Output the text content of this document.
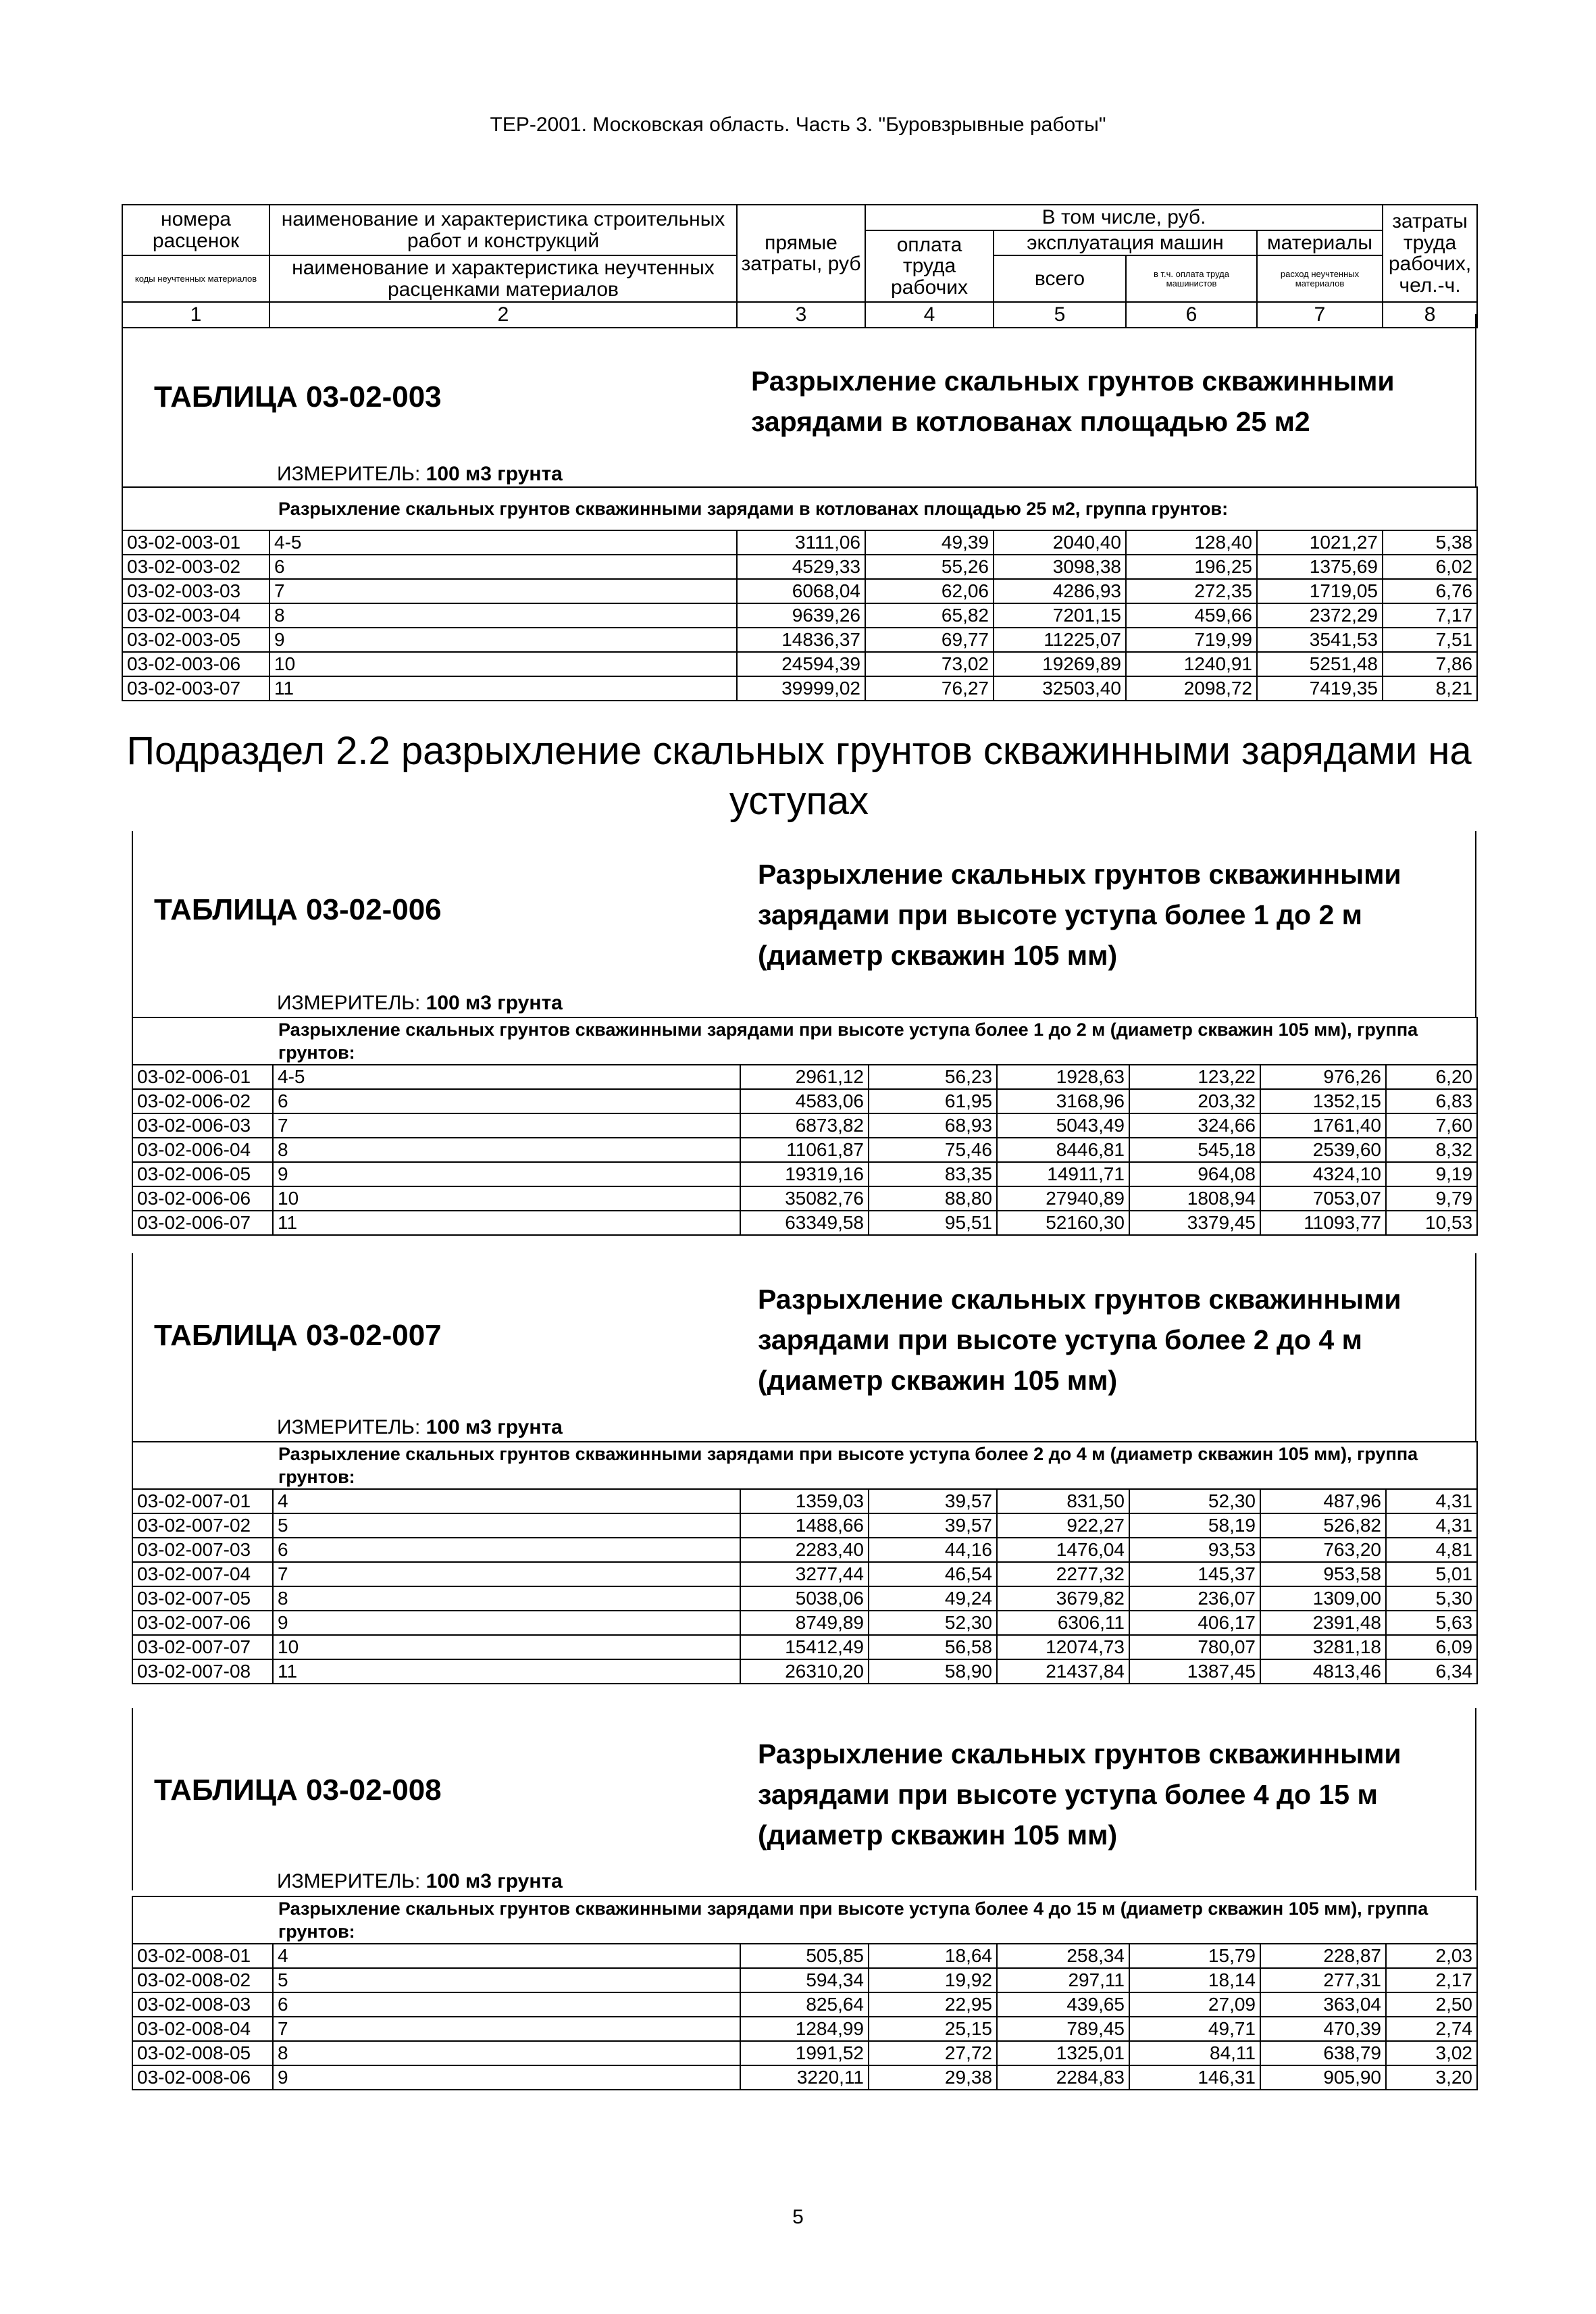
ТЕР-2001. Московская область. Часть 3. "Буровзрывные работы"
номера расценок	наименование и характеристика строительных работ и конструкций	прямые затраты, руб	В том числе, руб.				затраты труда рабочих, чел.-ч.
			оплата труда рабочих	эксплуатация машин		материалы	
коды неучтенных материалов	наименование и характеристика неучтенных расценками материалов			всего	в т.ч. оплата труда машинистов	расход неучтенных материалов	

1	2	3	4	5	6	7	8
ТАБЛИЦА 03-02-003	Разрыхление скальных грунтов скважинными зарядами в котлованах площадью 25 м2
ИЗМЕРИТЕЛЬ: 100 м3 грунта
Разрыхление скальных грунтов скважинными зарядами в котлованах площадью 25 м2, группа грунтов:							
03-02-003-01	4-5	3111,06	49,39	2040,40	128,40	1021,27	5,38
03-02-003-02	6	4529,33	55,26	3098,38	196,25	1375,69	6,02
03-02-003-03	7	6068,04	62,06	4286,93	272,35	1719,05	6,76
03-02-003-04	8	9639,26	65,82	7201,15	459,66	2372,29	7,17
03-02-003-05	9	14836,37	69,77	11225,07	719,99	3541,53	7,51
03-02-003-06	10	24594,39	73,02	19269,89	1240,91	5251,48	7,86
03-02-003-07	11	39999,02	76,27	32503,40	2098,72	7419,35	8,21
Подраздел 2.2 разрыхление скальных грунтов скважинными зарядами на уступах
ТАБЛИЦА 03-02-006
Разрыхление скальных грунтов скважинными зарядами при высоте уступа более 1 до 2 м (диаметр скважин 105 мм)
ИЗМЕРИТЕЛЬ: 100 м3 грунта
Разрыхление скальных грунтов скважинными зарядами при высоте уступа более 1 до 2 м (диаметр скважин 105 мм), группа грунтов:							
03-02-006-01	4-5	2961,12	56,23	1928,63	123,22	976,26	6,20
03-02-006-02	6	4583,06	61,95	3168,96	203,32	1352,15	6,83
03-02-006-03	7	6873,82	68,93	5043,49	324,66	1761,40	7,60
03-02-006-04	8	11061,87	75,46	8446,81	545,18	2539,60	8,32
03-02-006-05	9	19319,16	83,35	14911,71	964,08	4324,10	9,19
03-02-006-06	10	35082,76	88,80	27940,89	1808,94	7053,07	9,79
03-02-006-07	11	63349,58	95,51	52160,30	3379,45	11093,77	10,53
ТАБЛИЦА 03-02-007
Разрыхление скальных грунтов скважинными зарядами при высоте уступа более 2 до 4 м (диаметр скважин 105 мм)
ИЗМЕРИТЕЛЬ: 100 м3 грунта
Разрыхление скальных грунтов скважинными зарядами при высоте уступа более 2 до 4 м (диаметр скважин 105 мм), группа грунтов:							
03-02-007-01	4	1359,03	39,57	831,50	52,30	487,96	4,31
03-02-007-02	5	1488,66	39,57	922,27	58,19	526,82	4,31
03-02-007-03	6	2283,40	44,16	1476,04	93,53	763,20	4,81
03-02-007-04	7	3277,44	46,54	2277,32	145,37	953,58	5,01
03-02-007-05	8	5038,06	49,24	3679,82	236,07	1309,00	5,30
03-02-007-06	9	8749,89	52,30	6306,11	406,17	2391,48	5,63
03-02-007-07	10	15412,49	56,58	12074,73	780,07	3281,18	6,09
03-02-007-08	11	26310,20	58,90	21437,84	1387,45	4813,46	6,34
ТАБЛИЦА 03-02-008
Разрыхление скальных грунтов скважинными зарядами при высоте уступа более 4 до 15 м (диаметр скважин 105 мм)
ИЗМЕРИТЕЛЬ: 100 м3 грунта
Разрыхление скальных грунтов скважинными зарядами при высоте уступа более 4 до 15 м (диаметр скважин 105 мм), группа грунтов:							
03-02-008-01	4	505,85	18,64	258,34	15,79	228,87	2,03
03-02-008-02	5	594,34	19,92	297,11	18,14	277,31	2,17
03-02-008-03	6	825,64	22,95	439,65	27,09	363,04	2,50
03-02-008-04	7	1284,99	25,15	789,45	49,71	470,39	2,74
03-02-008-05	8	1991,52	27,72	1325,01	84,11	638,79	3,02
03-02-008-06	9	3220,11	29,38	2284,83	146,31	905,90	3,20
5
